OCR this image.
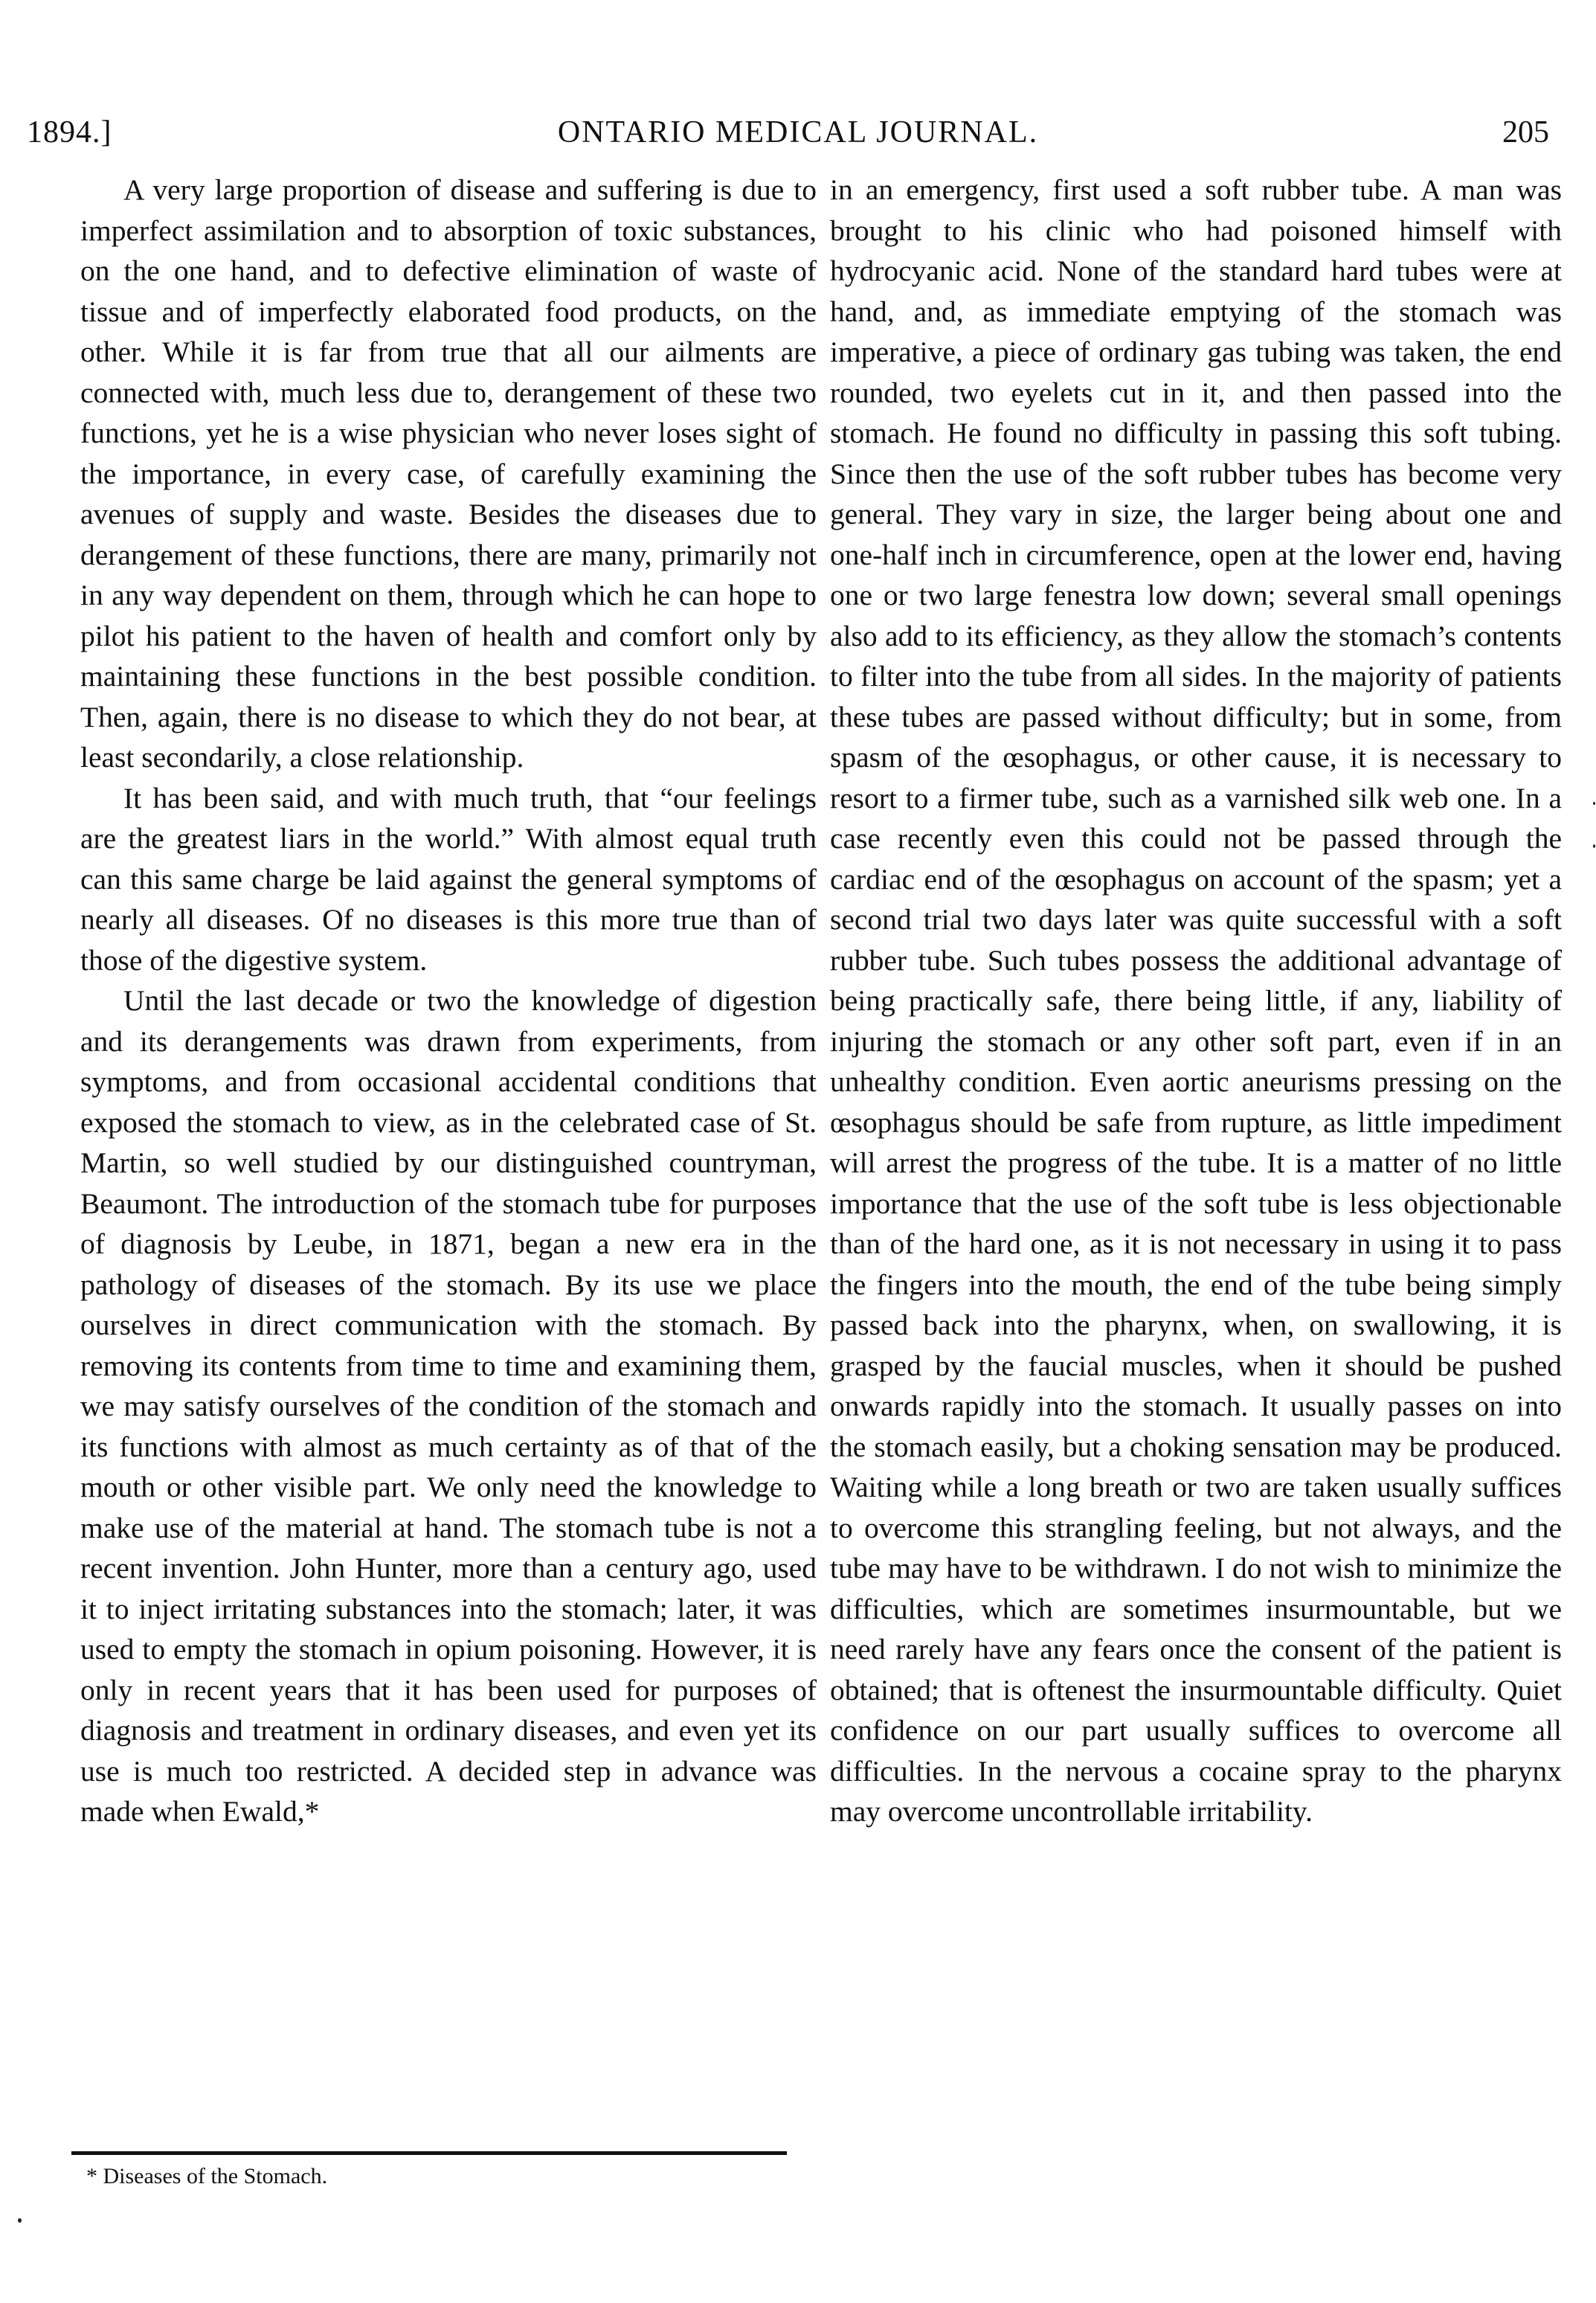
1894.]	ONTARIO MEDICAL JOURNAL.	205

A very large proportion of disease and suffering is due to imperfect assimilation and to absorption of toxic substances, on the one hand, and to defective elimination of waste of tissue and of imperfectly elaborated food products, on the other. While it is far from true that all our ailments are connected with, much less due to, derangement of these two functions, yet he is a wise physician who never loses sight of the importance, in every case, of carefully examining the avenues of supply and waste. Besides the diseases due to derangement of these functions, there are many, primarily not in any way dependent on them, through which he can hope to pilot his patient to the haven of health and comfort only by maintaining these functions in the best possible condition. Then, again, there is no disease to which they do not bear, at least secondarily, a close relationship.

It has been said, and with much truth, that “our feelings are the greatest liars in the world.” With almost equal truth can this same charge be laid against the general symptoms of nearly all diseases. Of no diseases is this more true than of those of the digestive system.

Until the last decade or two the knowledge of digestion and its derangements was drawn from experiments, from symptoms, and from occasional accidental conditions that exposed the stomach to view, as in the celebrated case of St. Martin, so well studied by our distinguished countryman, Beaumont. The introduction of the stomach tube for purposes of diagnosis by Leube, in 1871, began a new era in the pathology of diseases of the stomach. By its use we place ourselves in direct communication with the stomach. By removing its contents from time to time and examining them, we may satisfy ourselves of the condition of the stomach and its functions with almost as much certainty as of that of the mouth or other visible part. We only need the knowledge to make use of the material at hand. The stomach tube is not a recent invention. John Hunter, more than a century ago, used it to inject irritating substances into the stomach; later, it was used to empty the stomach in opium poisoning. However, it is only in recent years that it has been used for purposes of diagnosis and treatment in ordinary diseases, and even yet its use is much too restricted. A decided step in advance was made when Ewald,*

in an emergency, first used a soft rubber tube. A man was brought to his clinic who had poisoned himself with hydrocyanic acid. None of the standard hard tubes were at hand, and, as immediate emptying of the stomach was imperative, a piece of ordinary gas tubing was taken, the end rounded, two eyelets cut in it, and then passed into the stomach. He found no difficulty in passing this soft tubing. Since then the use of the soft rubber tubes has become very general. They vary in size, the larger being about one and one-half inch in circumference, open at the lower end, having one or two large fenestra low down; several small openings also add to its efficiency, as they allow the stomach’s contents to filter into the tube from all sides. In the majority of patients these tubes are passed without difficulty; but in some, from spasm of the œsophagus, or other cause, it is necessary to resort to a firmer tube, such as a varnished silk web one. In a case recently even this could not be passed through the cardiac end of the œsophagus on account of the spasm; yet a second trial two days later was quite successful with a soft rubber tube. Such tubes possess the additional advantage of being practically safe, there being little, if any, liability of injuring the stomach or any other soft part, even if in an unhealthy condition. Even aortic aneurisms pressing on the œsophagus should be safe from rupture, as little impediment will arrest the progress of the tube. It is a matter of no little importance that the use of the soft tube is less objectionable than of the hard one, as it is not necessary in using it to pass the fingers into the mouth, the end of the tube being simply passed back into the pharynx, when, on swallowing, it is grasped by the faucial muscles, when it should be pushed onwards rapidly into the stomach. It usually passes on into the stomach easily, but a choking sensation may be produced. Waiting while a long breath or two are taken usually suffices to overcome this strangling feeling, but not always, and the tube may have to be withdrawn. I do not wish to minimize the difficulties, which are sometimes insurmountable, but we need rarely have any fears once the consent of the patient is obtained; that is oftenest the insurmountable difficulty. Quiet confidence on our part usually suffices to overcome all difficulties. In the nervous a cocaine spray to the pharynx may overcome uncontrollable irritability.

* Diseases of the Stomach.
